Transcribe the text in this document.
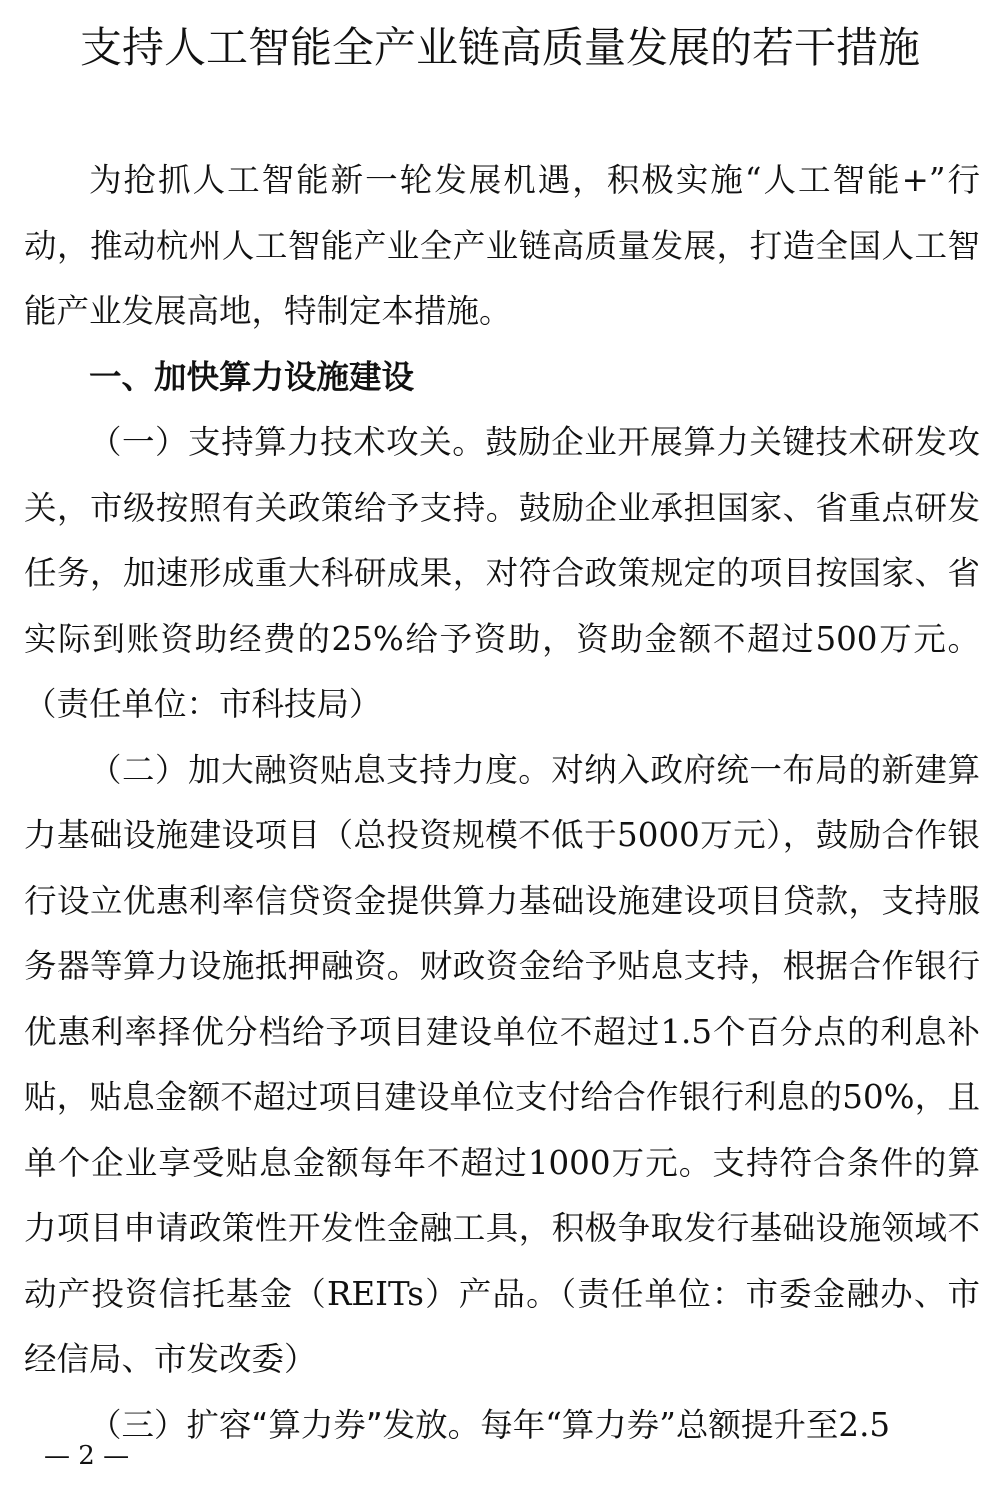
支持人工智能全产业链高质量发展的若干措施

为抢抓人工智能新一轮发展机遇，积极实施“人工智能+”行动，推动杭州人工智能产业全产业链高质量发展，打造全国人工智能产业发展高地，特制定本措施。

一、加快算力设施建设

（一）支持算力技术攻关。鼓励企业开展算力关键技术研发攻关，市级按照有关政策给予支持。鼓励企业承担国家、省重点研发任务，加速形成重大科研成果，对符合政策规定的项目按国家、省实际到账资助经费的25%给予资助，资助金额不超过500万元。（责任单位：市科技局）

（二）加大融资贴息支持力度。对纳入政府统一布局的新建算力基础设施建设项目（总投资规模不低于5000万元），鼓励合作银行设立优惠利率信贷资金提供算力基础设施建设项目贷款，支持服务器等算力设施抵押融资。财政资金给予贴息支持，根据合作银行优惠利率择优分档给予项目建设单位不超过1.5个百分点的利息补贴，贴息金额不超过项目建设单位支付给合作银行利息的50%，且单个企业享受贴息金额每年不超过1000万元。支持符合条件的算力项目申请政策性开发性金融工具，积极争取发行基础设施领域不动产投资信托基金（REITs）产品。（责任单位：市委金融办、市经信局、市发改委）

（三）扩容“算力券”发放。每年“算力券”总额提升至2.5

— 2 —
